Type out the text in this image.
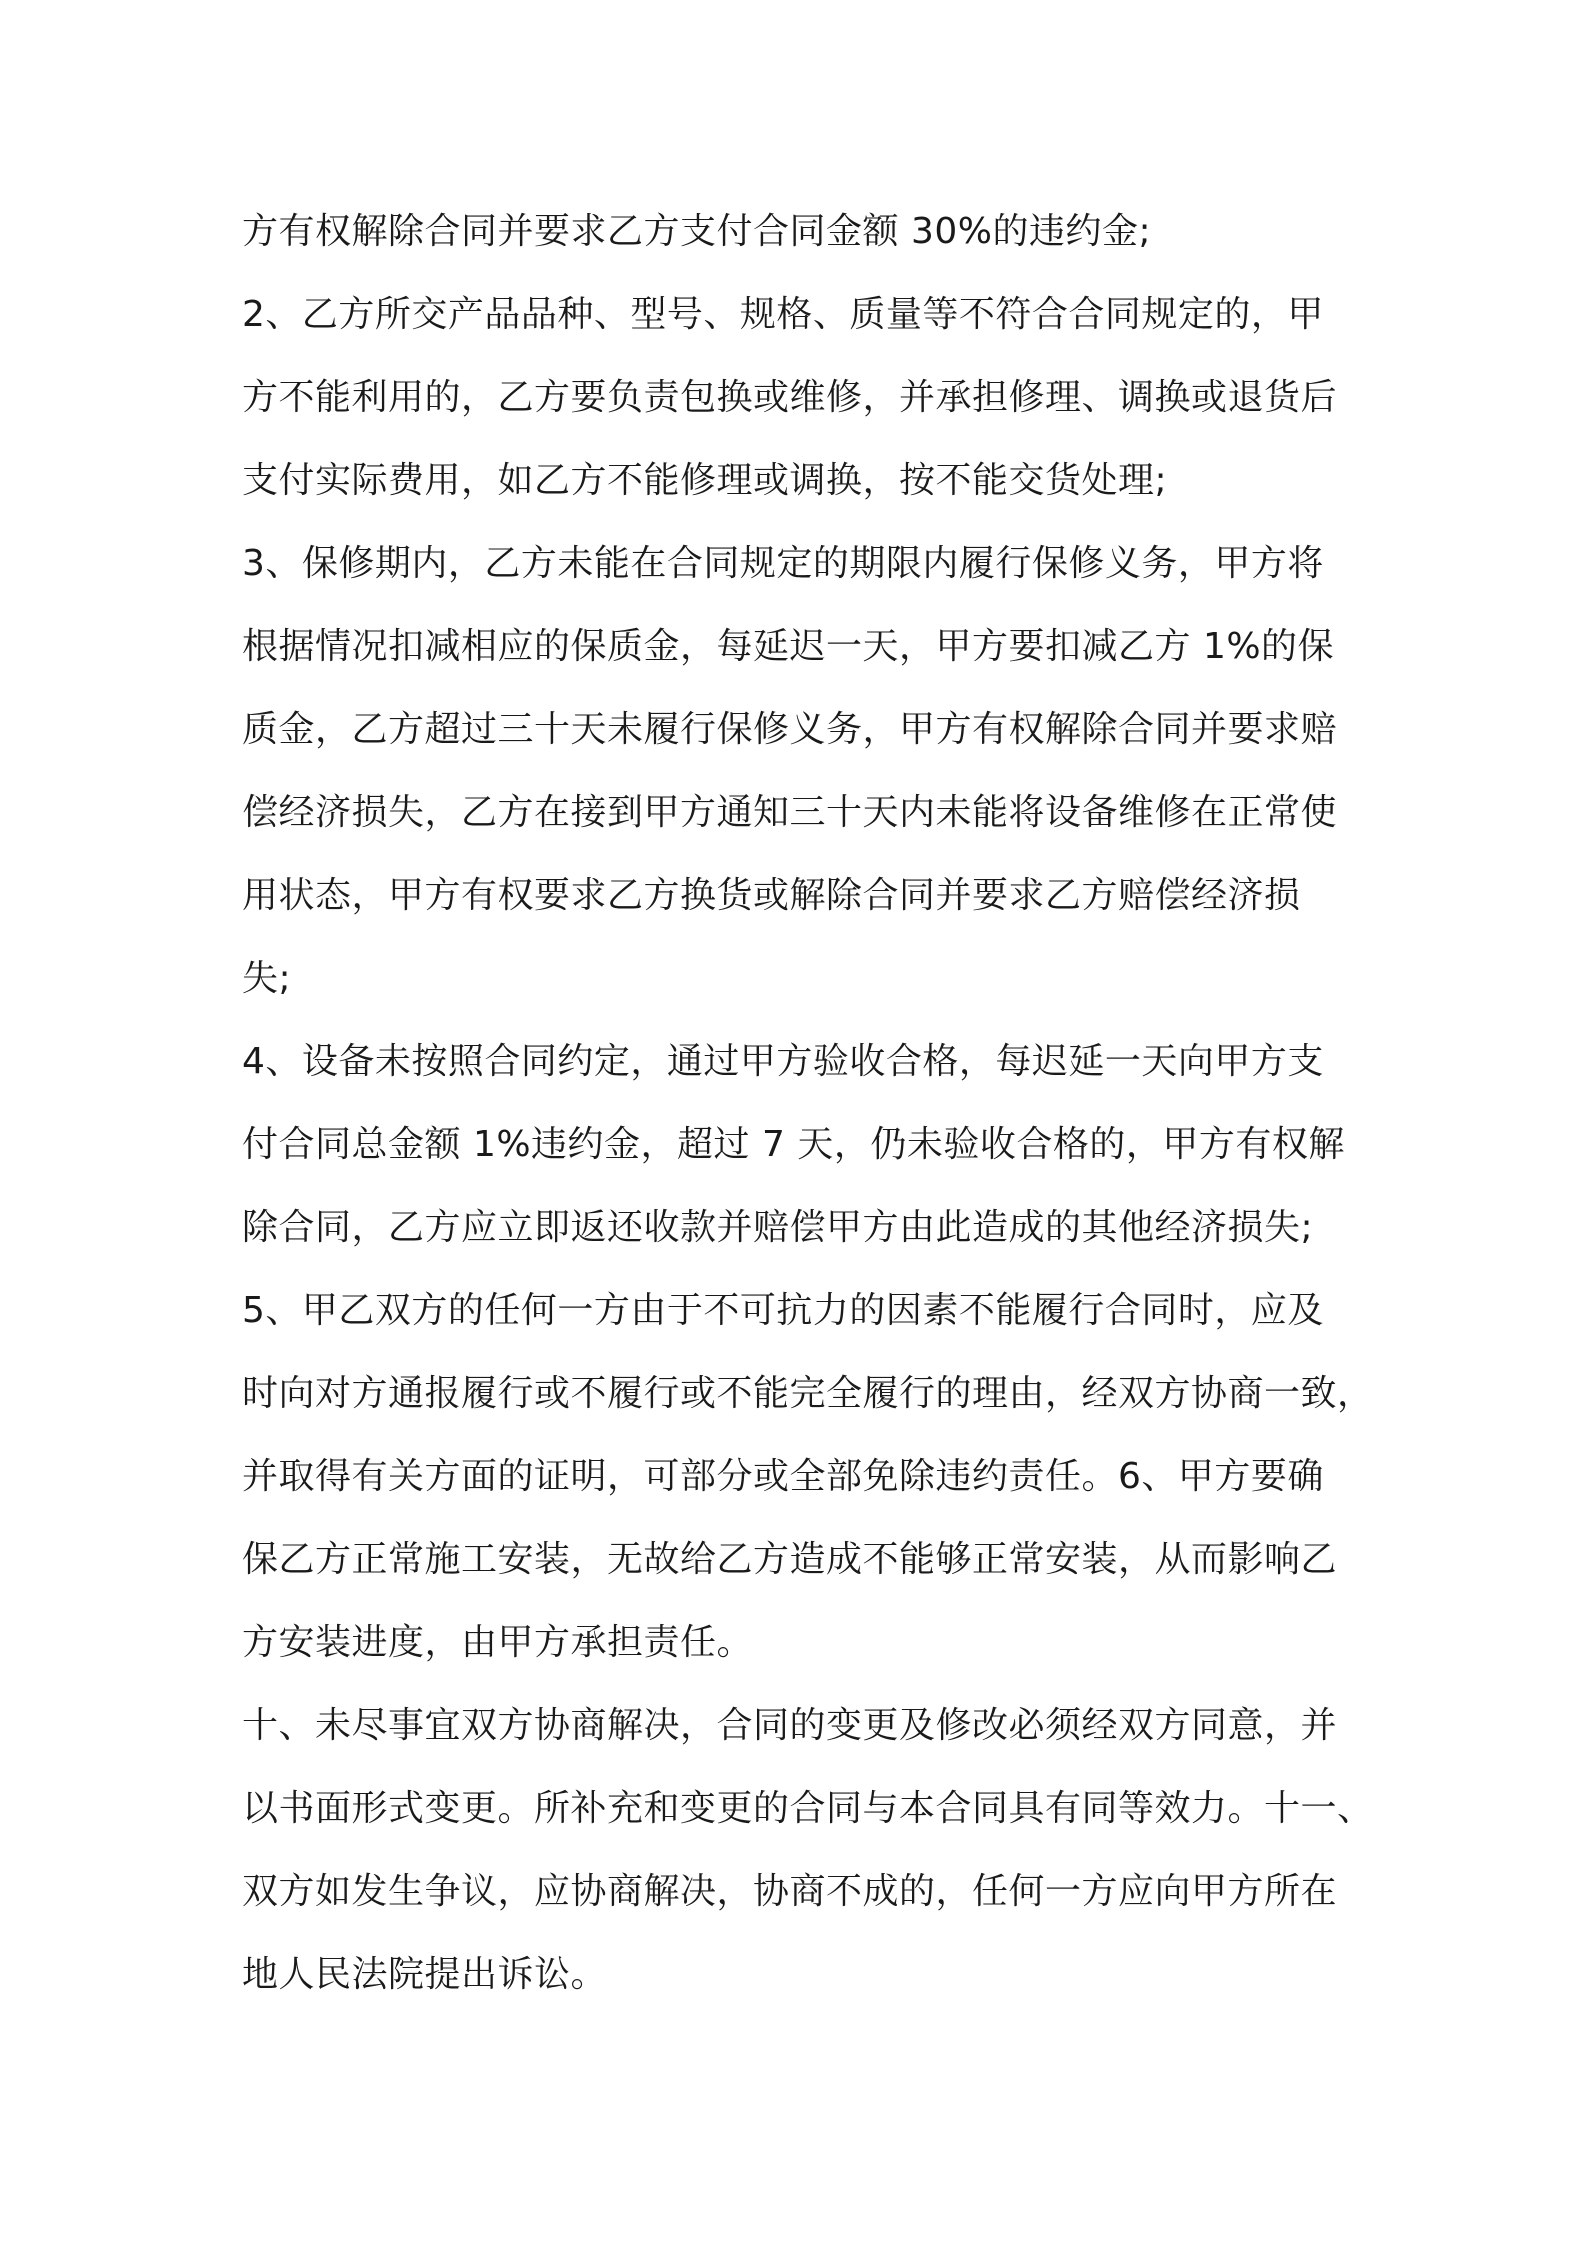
方有权解除合同并要求乙方支付合同金额 30%的违约金;
2、乙方所交产品品种、型号、规格、质量等不符合合同规定的，甲
方不能利用的，乙方要负责包换或维修，并承担修理、调换或退货后
支付实际费用，如乙方不能修理或调换，按不能交货处理;
3、保修期内，乙方未能在合同规定的期限内履行保修义务，甲方将
根据情况扣减相应的保质金，每延迟一天，甲方要扣减乙方 1%的保
质金，乙方超过三十天未履行保修义务，甲方有权解除合同并要求赔
偿经济损失，乙方在接到甲方通知三十天内未能将设备维修在正常使
用状态，甲方有权要求乙方换货或解除合同并要求乙方赔偿经济损
失;
4、设备未按照合同约定，通过甲方验收合格，每迟延一天向甲方支
付合同总金额 1%违约金，超过 7 天，仍未验收合格的，甲方有权解
除合同，乙方应立即返还收款并赔偿甲方由此造成的其他经济损失;
5、甲乙双方的任何一方由于不可抗力的因素不能履行合同时，应及
时向对方通报履行或不履行或不能完全履行的理由，经双方协商一致，
并取得有关方面的证明，可部分或全部免除违约责任。6、甲方要确
保乙方正常施工安装，无故给乙方造成不能够正常安装，从而影响乙
方安装进度，由甲方承担责任。
十、未尽事宜双方协商解决，合同的变更及修改必须经双方同意，并
以书面形式变更。所补充和变更的合同与本合同具有同等效力。十一、
双方如发生争议，应协商解决，协商不成的，任何一方应向甲方所在
地人民法院提出诉讼。
